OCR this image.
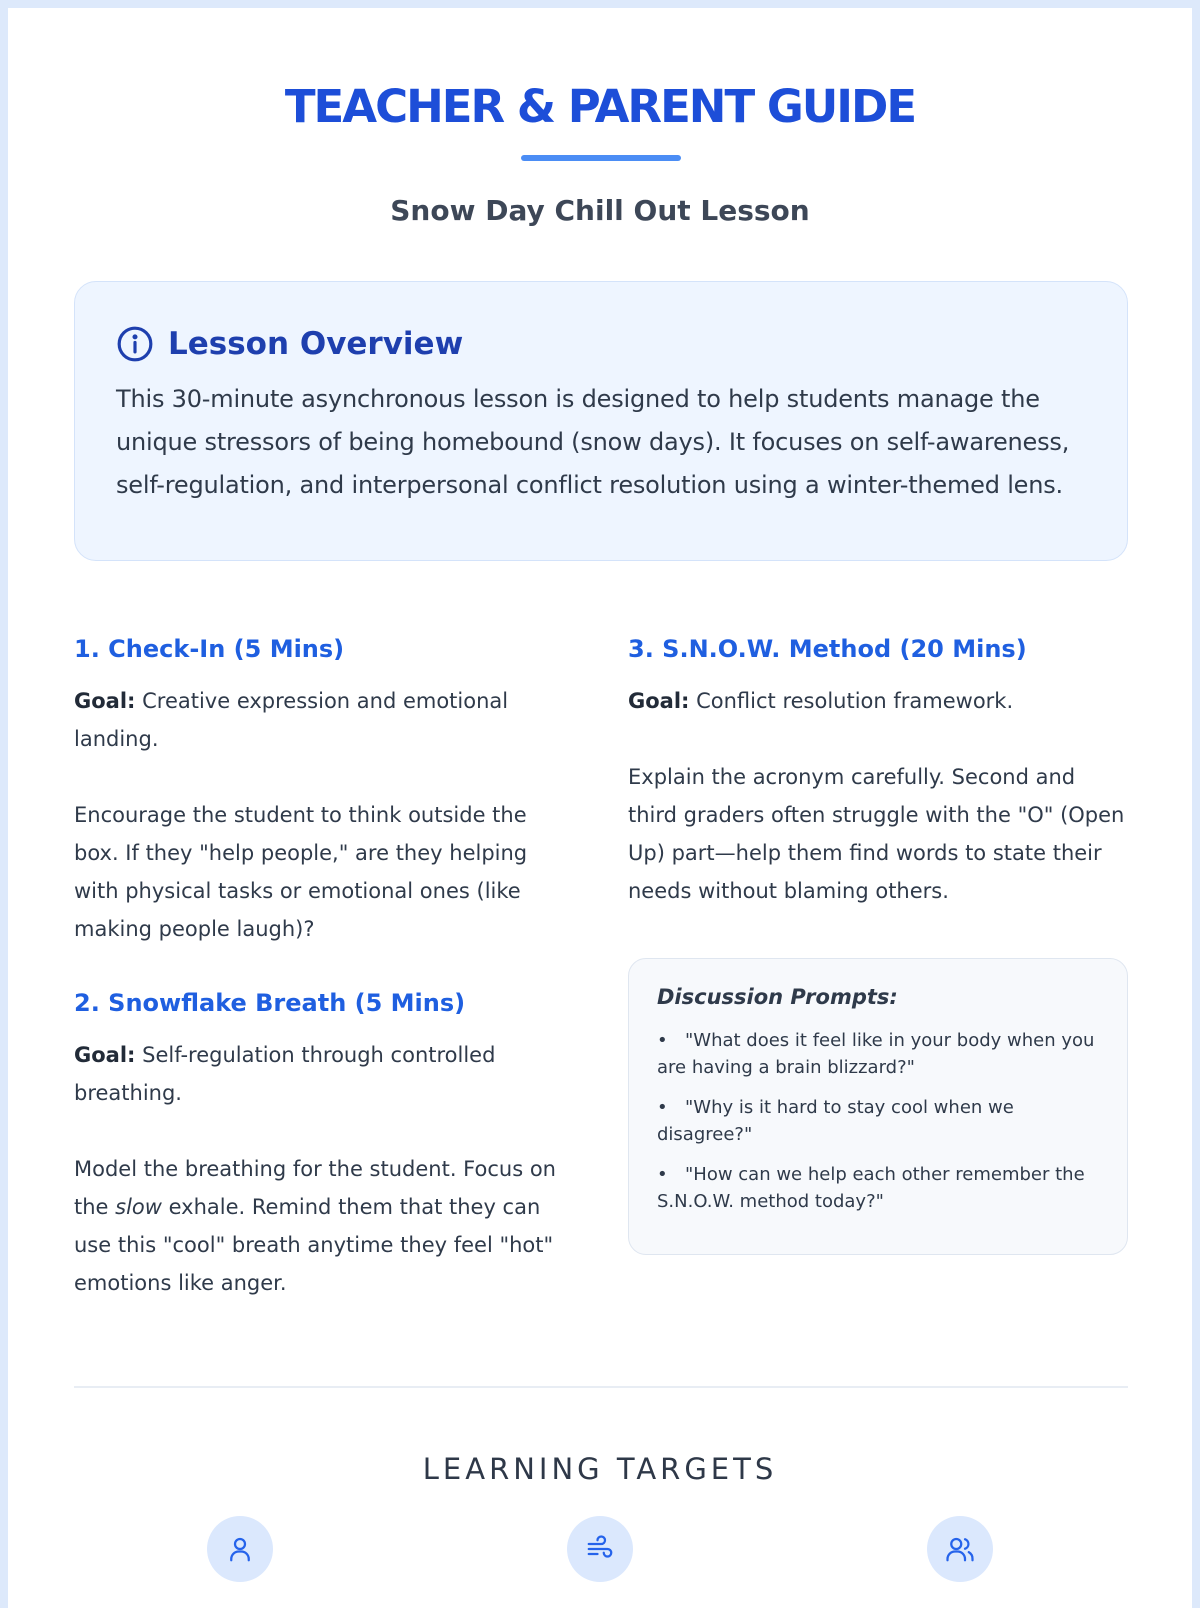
TEACHER & PARENT GUIDE
Snow Day Chill Out Lesson
Lesson Overview

This 30-minute asynchronous lesson is designed to help students manage the unique stressors of being homebound (snow days). It focuses on self-awareness, self-regulation, and interpersonal conflict resolution using a winter-themed lens.

1. Check-In (5 Mins)

Goal: Creative expression and emotional landing.

Encourage the student to think outside the box. If they "help people," are they helping with physical tasks or emotional ones (like making people laugh)?

2. Snowflake Breath (5 Mins)

Goal: Self-regulation through controlled breathing.

Model the breathing for the student. Focus on the slow exhale. Remind them that they can use this "cool" breath anytime they feel "hot" emotions like anger.

3. S.N.O.W. Method (20 Mins)

Goal: Conflict resolution framework.

Explain the acronym carefully. Second and third graders often struggle with the "O" (Open Up) part—help them find words to state their needs without blaming others.

Discussion Prompts:

• "What does it feel like in your body when you are having a brain blizzard?"
• "Why is it hard to stay cool when we disagree?"
• "How can we help each other remember the S.N.O.W. method today?"
LEARNING TARGETS
